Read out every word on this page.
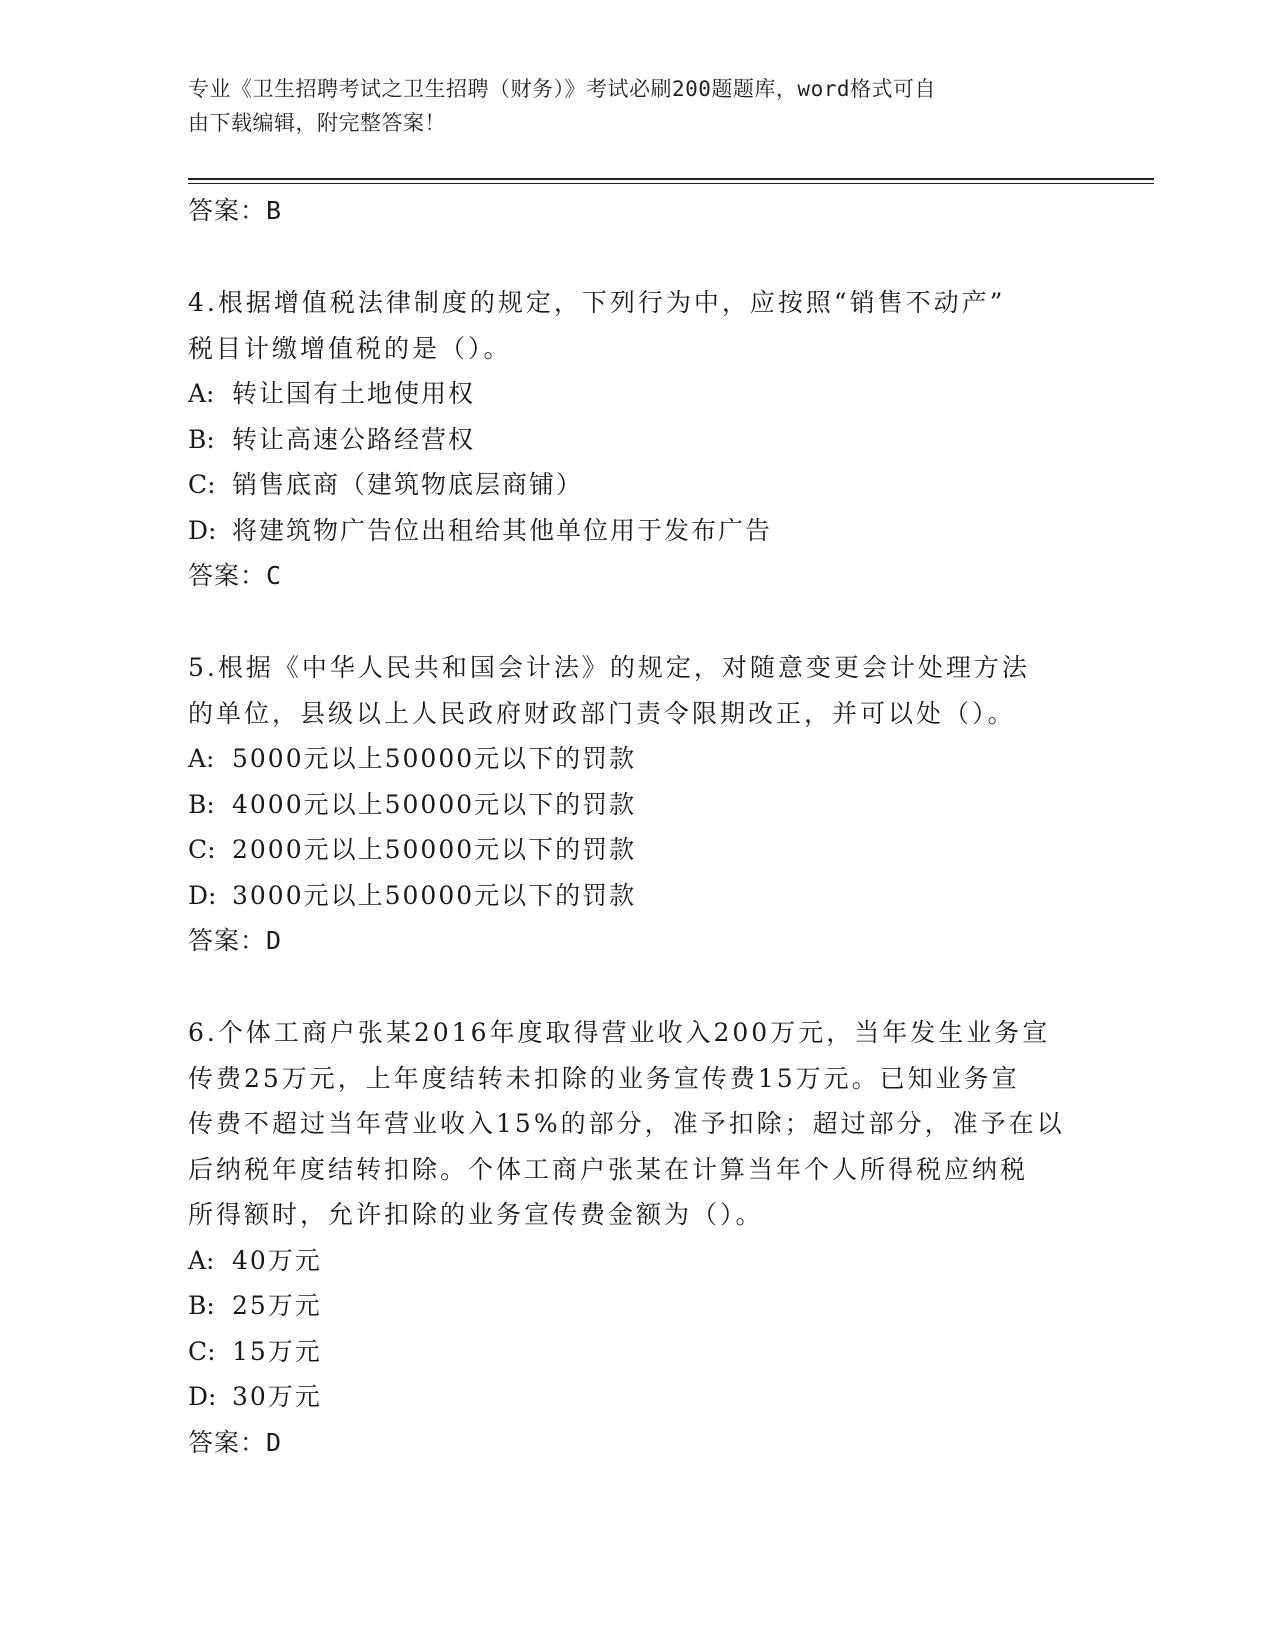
专业《卫生招聘考试之卫生招聘（财务）》考试必刷200题题库，word格式可自
由下载编辑，附完整答案！
答案：B
4.根据增值税法律制度的规定，下列行为中，应按照“销售不动产”
税目计缴增值税的是（）。
A: 转让国有土地使用权
B: 转让高速公路经营权
C: 销售底商（建筑物底层商铺）
D: 将建筑物广告位出租给其他单位用于发布广告
答案：C
5.根据《中华人民共和国会计法》的规定，对随意变更会计处理方法
的单位，县级以上人民政府财政部门责令限期改正，并可以处（）。
A: 5000元以上50000元以下的罚款
B: 4000元以上50000元以下的罚款
C: 2000元以上50000元以下的罚款
D: 3000元以上50000元以下的罚款
答案：D
6.个体工商户张某2016年度取得营业收入200万元，当年发生业务宣
传费25万元，上年度结转未扣除的业务宣传费15万元。已知业务宣
传费不超过当年营业收入15%的部分，准予扣除；超过部分，准予在以
后纳税年度结转扣除。个体工商户张某在计算当年个人所得税应纳税
所得额时，允许扣除的业务宣传费金额为（）。
A: 40万元
B: 25万元
C: 15万元
D: 30万元
答案：D
